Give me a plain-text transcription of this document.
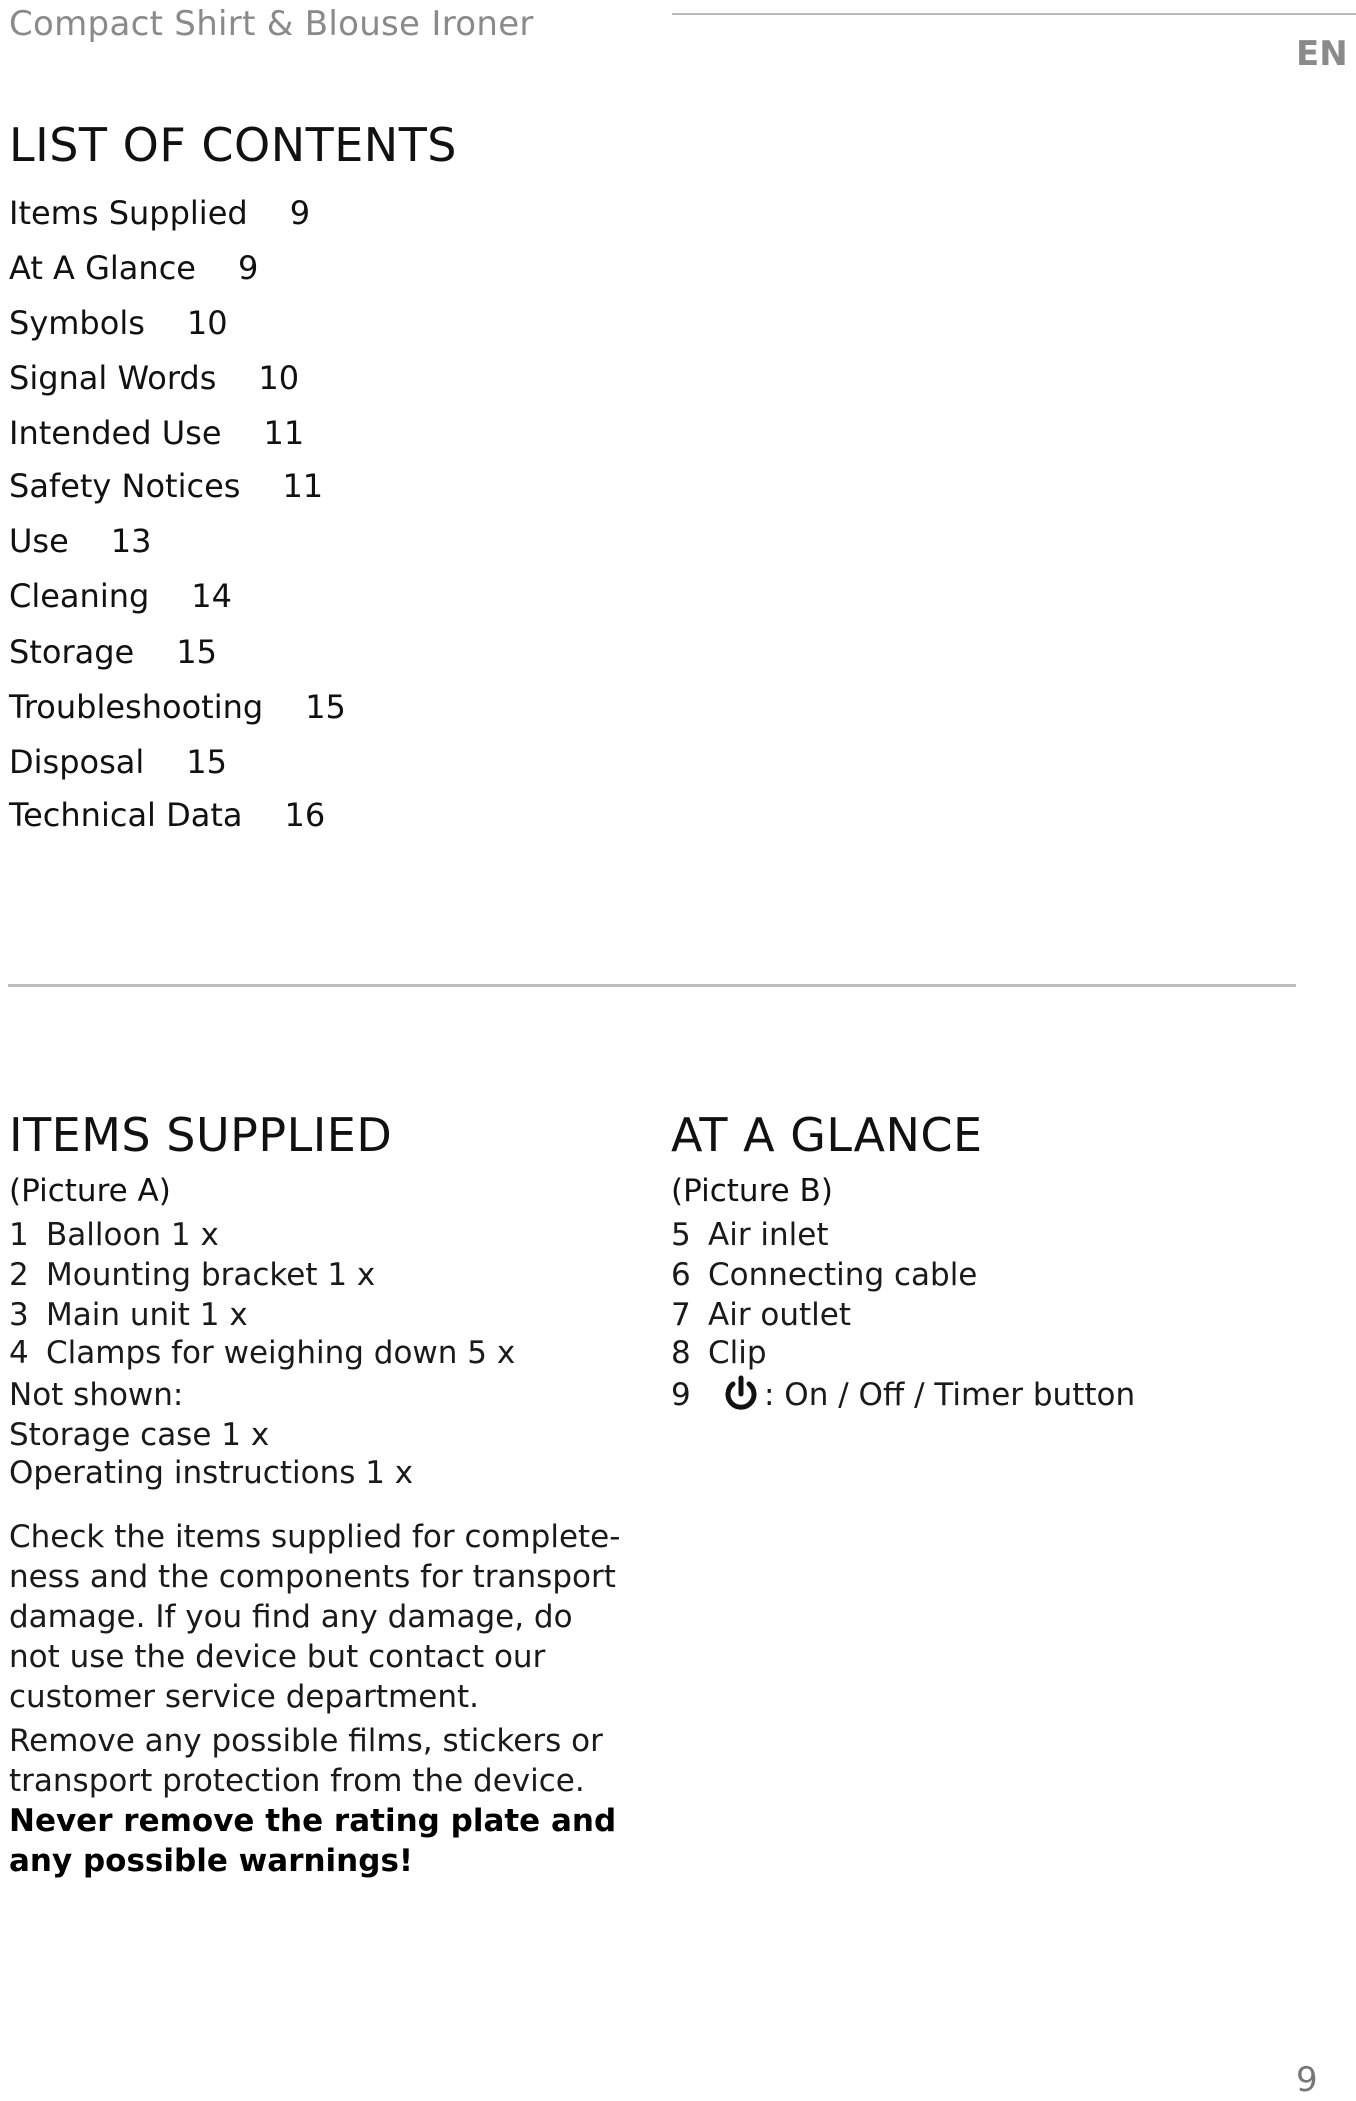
Compact Shirt & Blouse Ironer
EN
LIST OF CONTENTS
Items Supplied 9
At A Glance 9
Symbols 10
Signal Words 10
Intended Use 11
Safety Notices 11
Use 13
Cleaning 14
Storage 15
Troubleshooting 15
Disposal 15
Technical Data 16
ITEMS SUPPLIED
(Picture A)
1 Balloon 1 x
2 Mounting bracket 1 x
3 Main unit 1 x
4 Clamps for weighing down 5 x
Not shown:
Storage case 1 x
Operating instructions 1 x
Check the items supplied for complete-ness and the components for transport damage. If you find any damage, do not use the device but contact our customer service department.
Remove any possible films, stickers or transport protection from the device.
Never remove the rating plate and any possible warnings!
AT A GLANCE
(Picture B)
5 Air inlet
6 Connecting cable
7 Air outlet
8 Clip
9 : On / Off / Timer button
9
